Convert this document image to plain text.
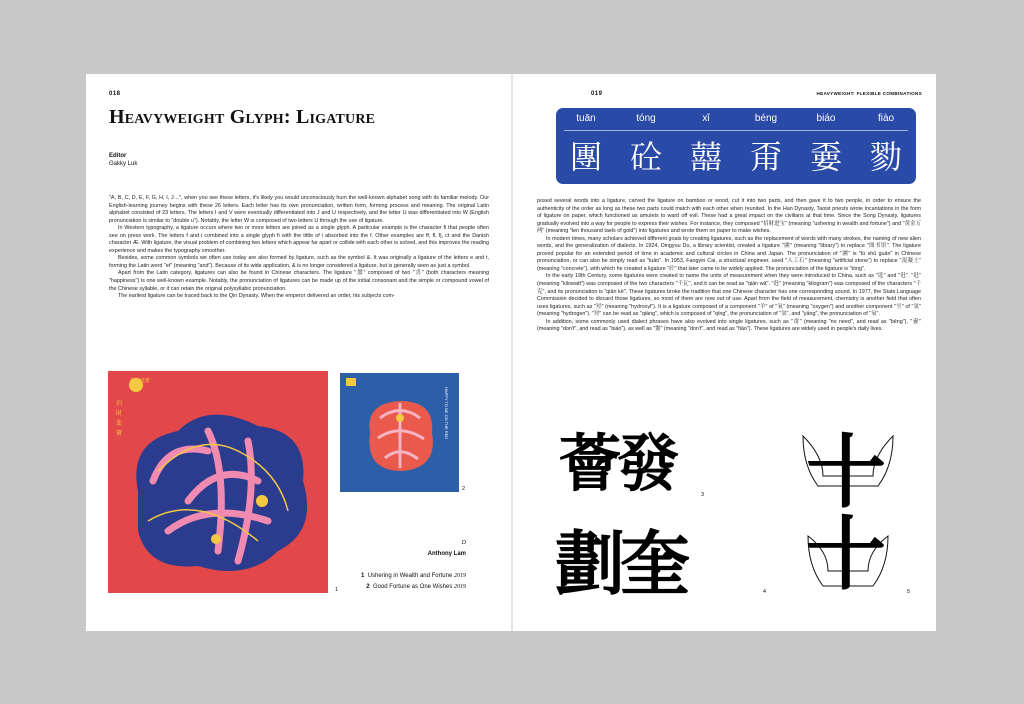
018
Heavyweight Glyph: Ligature
Editor
Gakky Luk

"A, B, C, D, E, F, G, H, I, J…", when you see these letters, it's likely you would unconsciously hum the well-known alphabet song with its familiar melody. Our English-learning journey begins with these 26 letters. Each letter has its own pronunciation, written form, forming process and meaning. The original Latin alphabet consisted of 23 letters. The letters I and V were eventually differentiated into J and U respectively, and the letter U was differentiated into W (English pronunciation is similar to "double u"). Notably, the letter W is composed of two letters U through the use of ligature.

In Western typography, a ligature occurs where two or more letters are joined as a single glyph. A particular example is the character fi that people often see on press work. The letters f and i combined into a single glyph fi with the tittle of i absorbed into the f. Other examples are ff, fl, fj, ct and the Danish character Æ. With ligature, the visual problem of combining two letters which appear far apart or collide with each other is solved, and this improves the reading experience and makes the typography smoother.

Besides, some common symbols we often use today are also formed by ligature, such as the symbol &. It was originally a ligature of the letters e and t, forming the Latin word "et" (meaning "and"). Because of its wide application, & is no longer considered a ligature, but is generally seen as just a symbol.

Apart from the Latin category, ligatures can also be found in Chinese characters. The ligature "囍" composed of two "喜" (both characters meaning "happiness") is one well-known example. Notably, the pronunciation of ligatures can be made up of the initial consonant and the simple or compound vowel of the Chinese syllable, or it can retain the original polysyllabic pronunciation.

The earliest ligature can be traced back to the Qin Dynasty. When the emperor delivered an order, his subjects com-

招財進寶
招財進寶
1
HAPPY TO BE ON THE RED
2
D
Anthony Lam
1 Ushering in Wealth and Fortune 2019
2 Good Fortune as One Wishes 2019
019	HEAVYWEIGHT: FLEXIBLE COMBINATIONS
tuān	tóng	xǐ	béng	biáo	fiào
團 砼 囍 甭 嫑 勠

posed several words into a ligature, carved the ligature on bamboo or wood, cut it into two parts, and then gave it to two people, in order to ensure the authenticity of the order as long as these two parts could match with each other when reunited. In the Han Dynasty, Taoist priests wrote incantations in the form of ligature on paper, which functioned as amulets to ward off evil. These had a great impact on the civilians at that time. Since the Song Dynasty, ligatures gradually evolved into a way for people to express their wishes. For instance, they composed "招财进宝" (meaning "ushering in wealth and fortune") and "黄金万两" (meaning "ten thousand taels of gold") into ligatures and wrote them on paper to make wishes.

In modern times, many scholars achieved different goals by creating ligatures, such as the replacement of words with many strokes, the naming of new alien words, and the generalization of dialects. In 1924, Dingyou Du, a library scientist, created a ligature "圕" (meaning "library") to replace "图书馆". The ligature proved popular for an extended period of time in academic and cultural circles in China and Japan. The pronunciation of "圕" is "tú shū guǎn" in Chinese pronunciation, or can also be simply read as "tuān". In 1953, Fangyin Cai, a structural engineer, used "人工石" (meaning "artificial stone") to replace "混凝土" (meaning "concrete"), with which he created a ligature "砼" that later came to be widely applied. The pronunciation of the ligature is "tóng".

In the early 19th Century, some ligatures were created to name the units of measurement when they were introduced to China, such as "瓩" and "兛". "瓩" (meaning "kilowatt") was composed of the two characters "千瓦", and it can be read as "qiān wǎ". "兛" (meaning "kilogram") was composed of the characters "千克", and its pronunciation is "qiān kè". These ligatures broke the tradition that one Chinese character has one corresponding sound. In 1977, the State Language Commission decided to discard those ligatures, so most of them are now out of use. Apart from the field of measurement, chemistry is another field that often uses ligatures, such as "羟" (meaning "hydroxyl"). It is a ligature composed of a component "羊" of "氧" (meaning "oxygen") and another component "巠" of "氢" (meaning "hydrogen"). "羟" can be read as "qiáng", which is composed of "qīng", the pronunciation of "氢", and "yǎng", the pronunciation of "氧".

In addition, some commonly used dialect phrases have also evolved into single ligatures, such as "甭" (meaning "no need", and read as "béng"), "嫑" (meaning "don't", and read as "biáo"), as well as "勠" (meaning "don't", and read as "fiào"). These ligatures are widely used in people's daily lives.

薈發	3
劃奎	4
十十	5
